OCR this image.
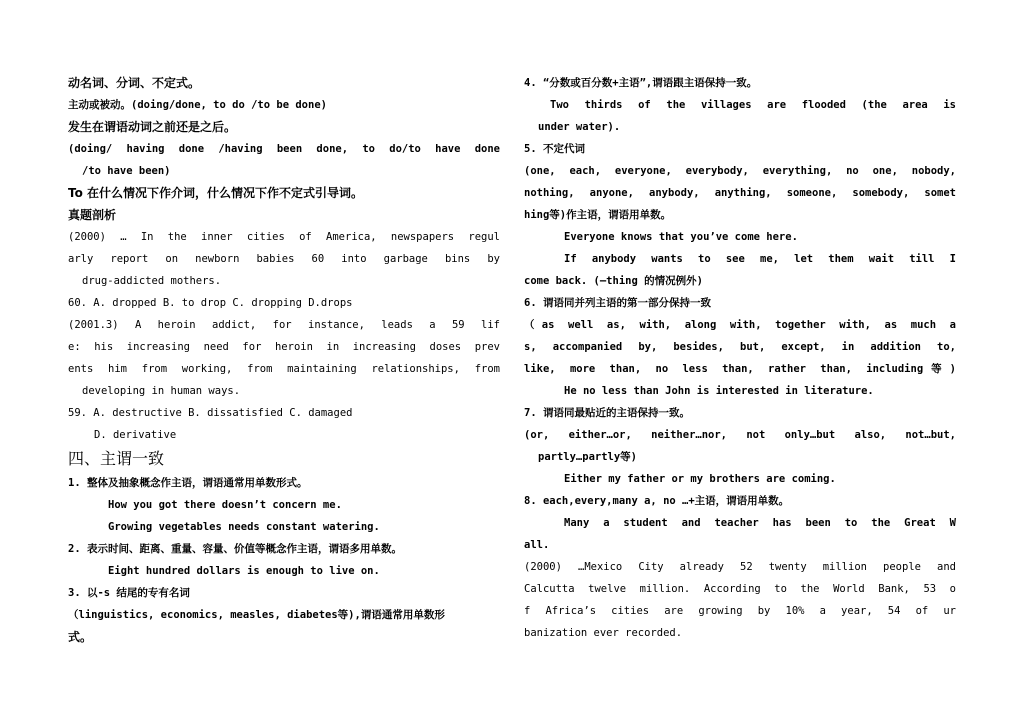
动名词、分词、不定式。
主动或被动。(doing/done, to do /to be done)
发生在谓语动词之前还是之后。
(doing/ having done /having been done, to do/to have done
/to have been)
To 在什么情况下作介词，什么情况下作不定式引导词。
真题剖析
(2000) … In the inner cities of America, newspapers regul
arly report on newborn babies 60 into garbage bins by
drug-addicted mothers.
60. A. dropped B. to drop C. dropping D.drops
(2001.3) A heroin addict, for instance, leads a 59 lif
e: his increasing need for heroin in increasing doses prev
ents him from working, from maintaining relationships, from
developing in human ways.
59. A. destructive B. dissatisfied C. damaged
D. derivative
四、主谓一致
1. 整体及抽象概念作主语，谓语通常用单数形式。
How you got there doesn’t concern me.
Growing vegetables needs constant watering.
2. 表示时间、距离、重量、容量、价值等概念作主语，谓语多用单数。
Eight hundred dollars is enough to live on.
3. 以-s 结尾的专有名词
（linguistics, economics, measles, diabetes等),谓语通常用单数形
式。
4. “分数或百分数+主语”,谓语跟主语保持一致。
Two thirds of the villages are flooded (the area is
under water).
5. 不定代词
(one, each, everyone, everybody, everything, no one, nobody,
nothing, anyone, anybody, anything, someone, somebody, somet
hing等)作主语，谓语用单数。
Everyone knows that you’ve come here.
If anybody wants to see me, let them wait till I
come back. (—thing 的情况例外)
6. 谓语同并列主语的第一部分保持一致
（as well as, with, along with, together with, as much a
s, accompanied by, besides, but, except, in addition to,
like, more than, no less than, rather than, including等)
He no less than John is interested in literature.
7. 谓语同最贴近的主语保持一致。
(or, either…or, neither…nor, not only…but also, not…but,
partly…partly等)
Either my father or my brothers are coming.
8. each,every,many a, no …+主语，谓语用单数。
Many a student and teacher has been to the Great W
all.
(2000) …Mexico City already 52 twenty million people and
Calcutta twelve million. According to the World Bank, 53 o
f Africa’s cities are growing by 10% a year, 54 of ur
banization ever recorded.
